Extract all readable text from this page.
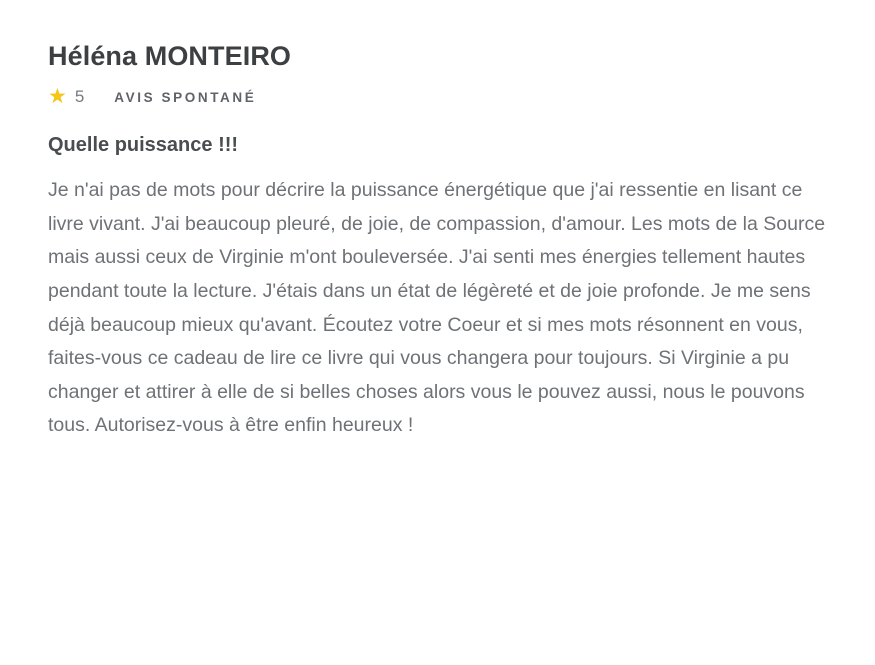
Héléna MONTEIRO
★ 5 AVIS SPONTANÉ
Quelle puissance !!!

Je n'ai pas de mots pour décrire la puissance énergétique que j'ai ressentie en lisant ce livre vivant. J'ai beaucoup pleuré, de joie, de compassion, d'amour. Les mots de la Source mais aussi ceux de Virginie m'ont bouleversée. J'ai senti mes énergies tellement hautes pendant toute la lecture. J'étais dans un état de légèreté et de joie profonde. Je me sens déjà beaucoup mieux qu'avant. Écoutez votre Coeur et si mes mots résonnent en vous, faites-vous ce cadeau de lire ce livre qui vous changera pour toujours. Si Virginie a pu changer et attirer à elle de si belles choses alors vous le pouvez aussi, nous le pouvons tous. Autorisez-vous à être enfin heureux !
